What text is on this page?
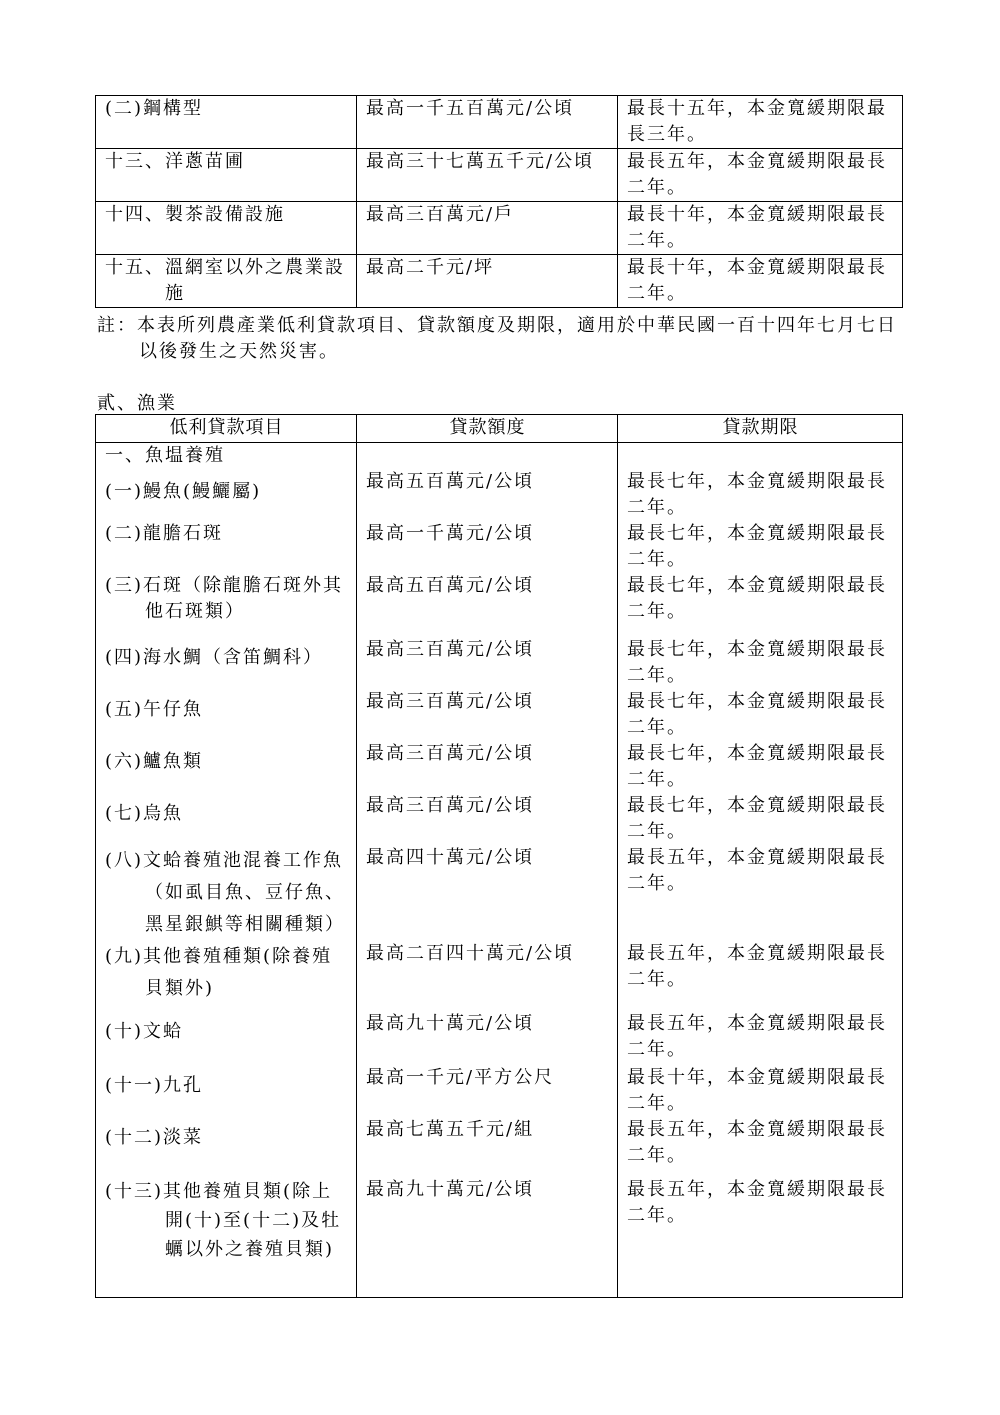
(二)鋼構型	最高一千五百萬元/公頃	最長十五年，本金寬緩期限最長三年。
十三、洋蔥苗圃	最高三十七萬五千元/公頃	最長五年，本金寬緩期限最長二年。
十四、製茶設備設施	最高三百萬元/戶	最長十年，本金寬緩期限最長二年。

十五、溫網室以外之農業設施	最高二千元/坪	最長十年，本金寬緩期限最長二年。
註：本表所列農產業低利貸款項目、貸款額度及期限，適用於中華民國一百十四年七月七日
以後發生之天然災害。
貳、漁業
低利貸款項目	貸款額度	貸款期限
一、魚塭養殖		
(一)鰻魚(鰻鱺屬)	最高五百萬元/公頃	最長七年，本金寬緩期限最長二年。
(二)龍膽石斑	最高一千萬元/公頃	最長七年，本金寬緩期限最長二年。

(三)石斑（除龍膽石斑外其他石斑類）	最高五百萬元/公頃	最長七年，本金寬緩期限最長二年。
(四)海水鯛（含笛鯛科）	最高三百萬元/公頃	最長七年，本金寬緩期限最長二年。
(五)午仔魚	最高三百萬元/公頃	最長七年，本金寬緩期限最長二年。
(六)鱸魚類	最高三百萬元/公頃	最長七年，本金寬緩期限最長二年。
(七)烏魚	最高三百萬元/公頃	最長七年，本金寬緩期限最長二年。

(八)文蛤養殖池混養工作魚（如虱目魚、豆仔魚、黑星銀鯕等相關種類）	最高四十萬元/公頃	最長五年，本金寬緩期限最長二年。

(九)其他養殖種類(除養殖貝類外)	最高二百四十萬元/公頃	最長五年，本金寬緩期限最長二年。
(十)文蛤	最高九十萬元/公頃	最長五年，本金寬緩期限最長二年。
(十一)九孔	最高一千元/平方公尺	最長十年，本金寬緩期限最長二年。
(十二)淡菜	最高七萬五千元/組	最長五年，本金寬緩期限最長二年。

(十三)其他養殖貝類(除上開(十)至(十二)及牡蠣以外之養殖貝類)	最高九十萬元/公頃	最長五年，本金寬緩期限最長二年。
